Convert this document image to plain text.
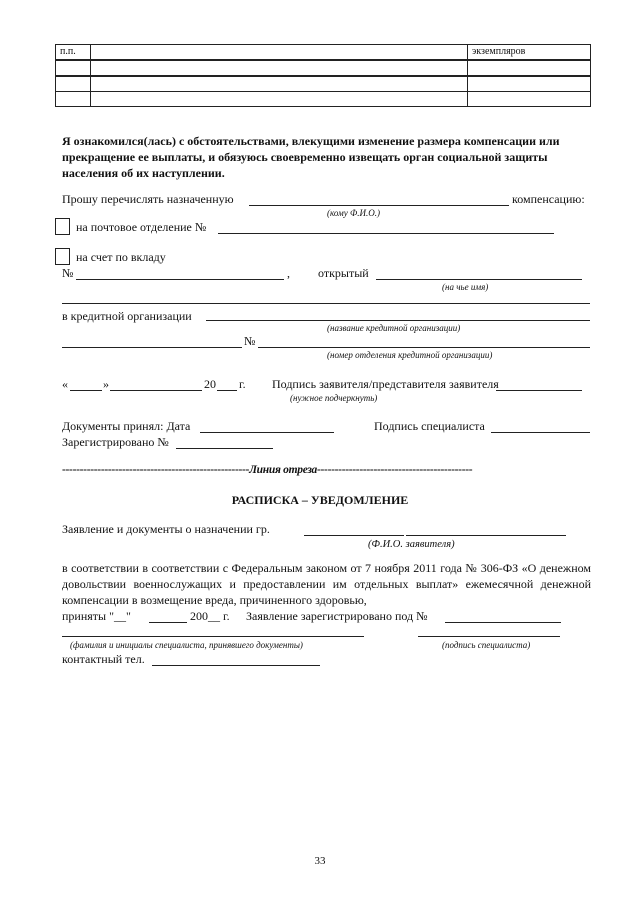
п.п.		экземпляров

Я ознакомился(лась) с обстоятельствами, влекущими изменение размера компенсации или прекращение ее выплаты, и обязуюсь своевременно извещать орган социальной защиты населения об их наступлении.
Прошу перечислять назначенную	компенсацию:
(кому Ф.И.О.)
на почтовое отделение №
на счет по вкладу
№	, открытый
(на чье имя)
в кредитной организации
(название кредитной организации)
№
(номер отделения кредитной организации)
«	»	20 г. Подпись заявителя/представителя заявителя
(нужное подчеркнуть)
Документы принял: Дата	Подпись специалиста
Зарегистрировано №
-----------------------------------------------------Линия отреза--------------------------------------------
РАСПИСКА – УВЕДОМЛЕНИЕ
Заявление и документы о назначении гр.
(Ф.И.О. заявителя)
в соответствии в соответствии с Федеральным законом от 7 ноября 2011 года № 306-ФЗ «О денежном довольствии военнослужащих и предоставлении им отдельных выплат» ежемесячной денежной компенсации в возмещение вреда, причиненного здоровью,
приняты "__"	200__ г. Заявление зарегистрировано под №
(фамилия и инициалы специалиста, принявшего документы)	(подпись специалиста)
контактный тел.
33
